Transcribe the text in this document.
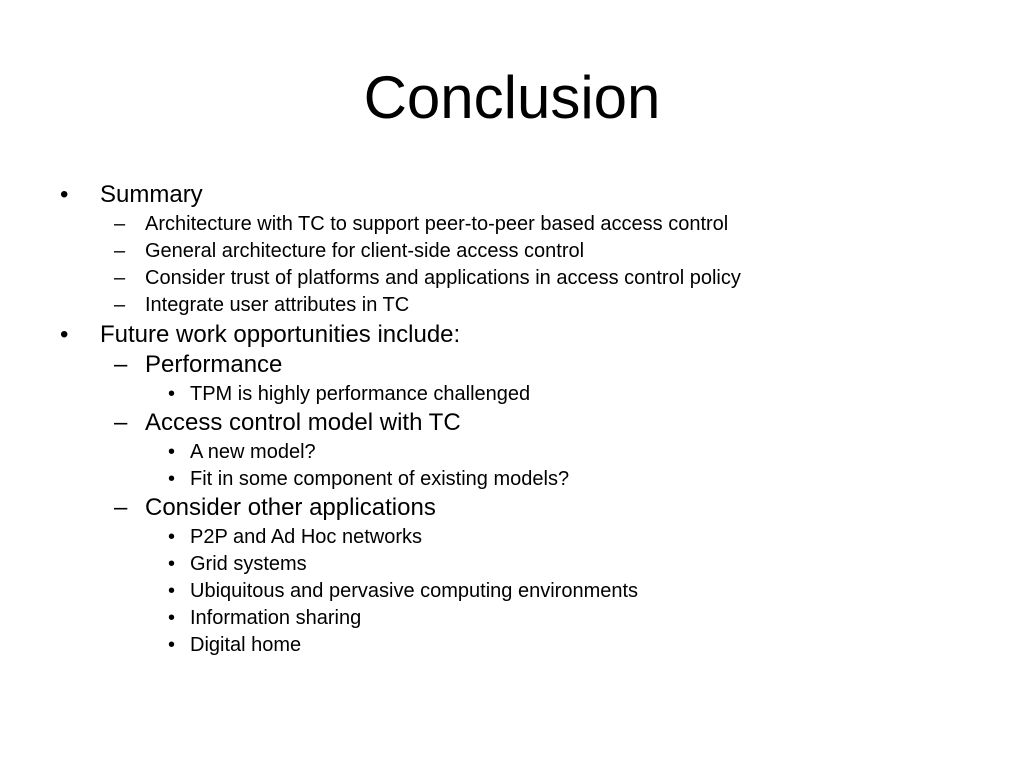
Conclusion
• Summary
– Architecture with TC to support peer-to-peer based access control
– General architecture for client-side access control
– Consider trust of platforms and applications in access control policy
– Integrate user attributes in TC
• Future work opportunities include:
– Performance
• TPM is highly performance challenged
– Access control model with TC
• A new model?
• Fit in some component of existing models?
– Consider other applications
• P2P and Ad Hoc networks
• Grid systems
• Ubiquitous and pervasive computing environments
• Information sharing
• Digital home
